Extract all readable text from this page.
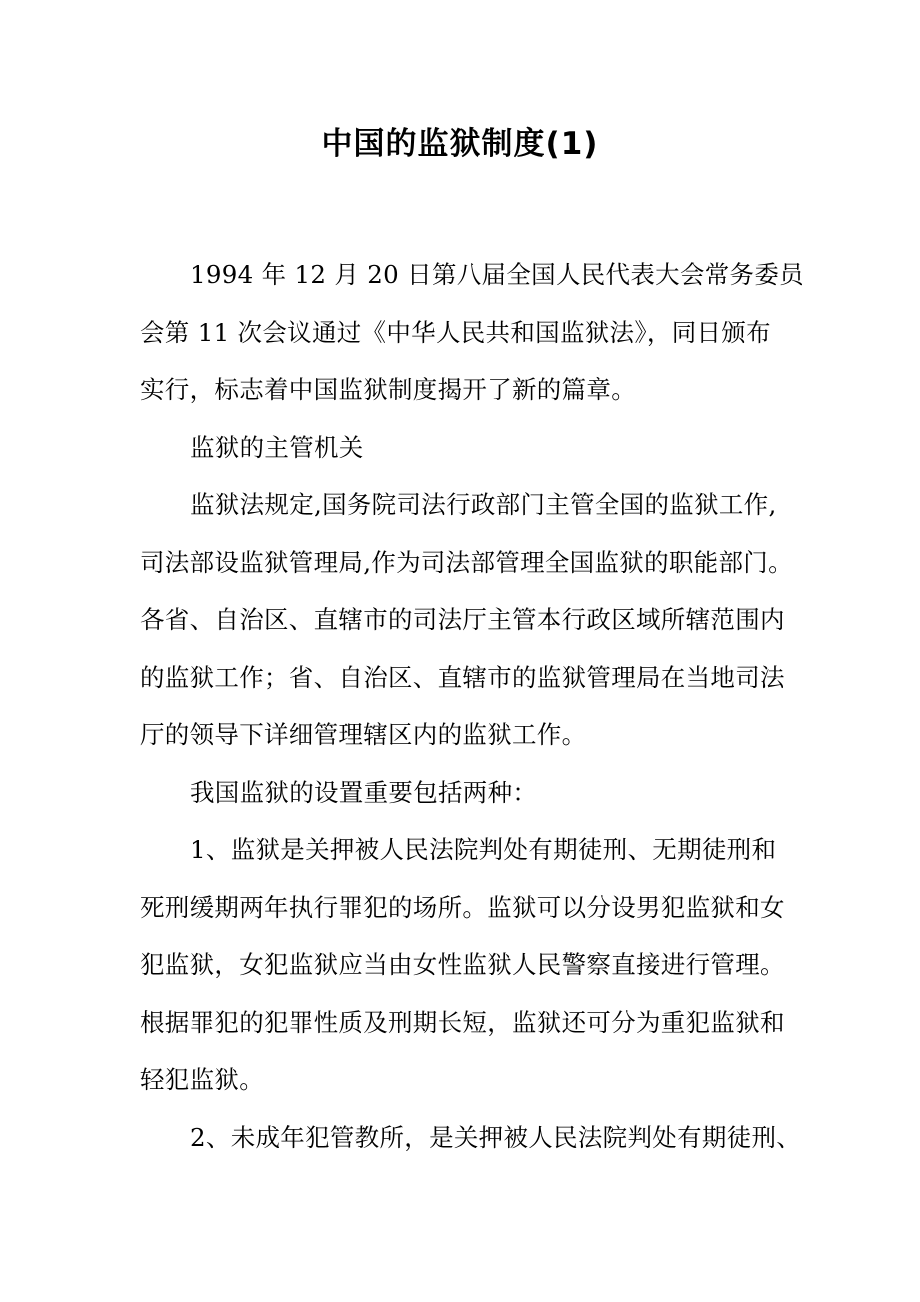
中国的监狱制度(1)
1994 年 12 月 20 日第八届全国人民代表大会常务委员
会第 11 次会议通过《中华人民共和国监狱法》，同日颁布
实行，标志着中国监狱制度揭开了新的篇章。
监狱的主管机关
监狱法规定,国务院司法行政部门主管全国的监狱工作,
司法部设监狱管理局,作为司法部管理全国监狱的职能部门。
各省、自治区、直辖市的司法厅主管本行政区域所辖范围内
的监狱工作；省、自治区、直辖市的监狱管理局在当地司法
厅的领导下详细管理辖区内的监狱工作。
我国监狱的设置重要包括两种：
1、监狱是关押被人民法院判处有期徒刑、无期徒刑和
死刑缓期两年执行罪犯的场所。监狱可以分设男犯监狱和女
犯监狱，女犯监狱应当由女性监狱人民警察直接进行管理。
根据罪犯的犯罪性质及刑期长短，监狱还可分为重犯监狱和
轻犯监狱。
2、未成年犯管教所，是关押被人民法院判处有期徒刑、
